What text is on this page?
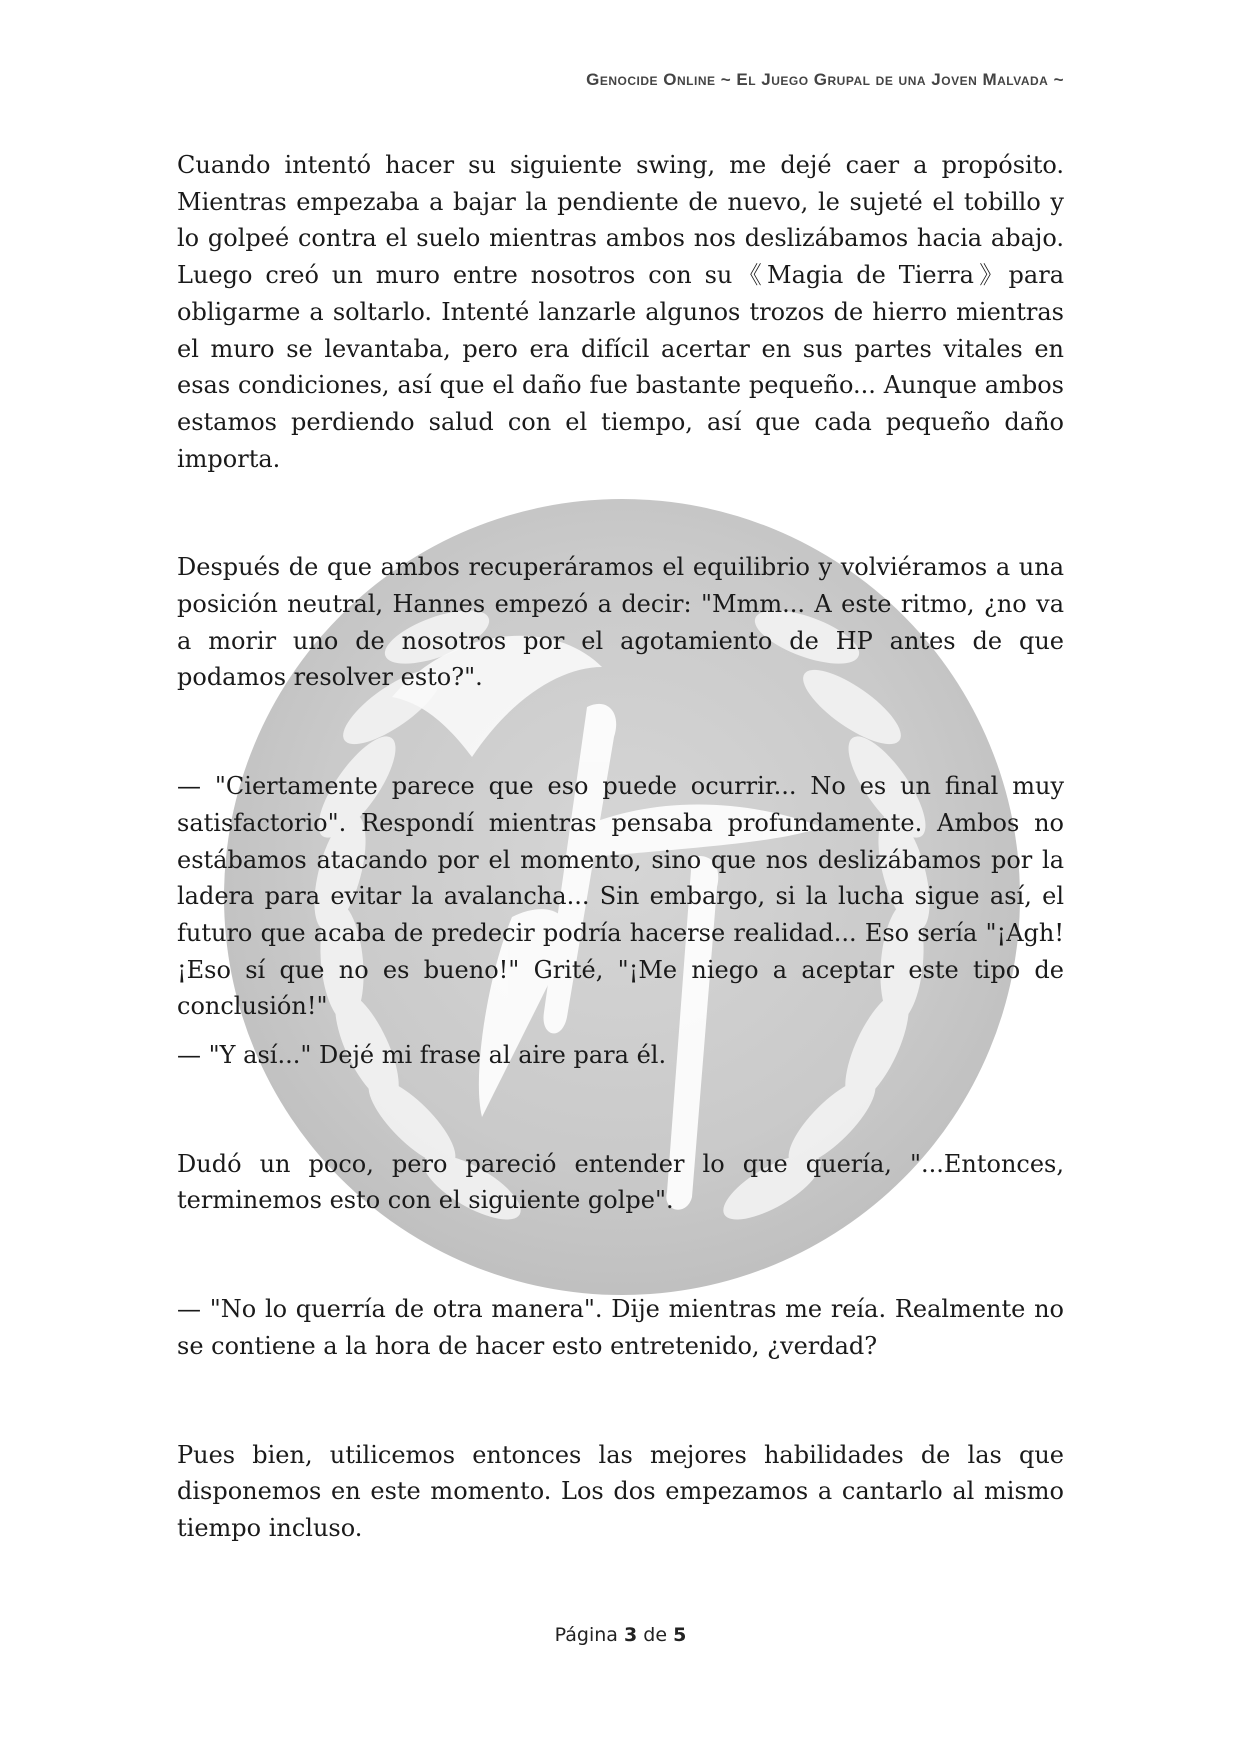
Genocide Online ~ El Juego Grupal de una Joven Malvada ~

Cuando intentó hacer su siguiente swing, me dejé caer a propósito. Mientras empezaba a bajar la pendiente de nuevo, le sujeté el tobillo y lo golpeé contra el suelo mientras ambos nos deslizábamos hacia abajo. Luego creó un muro entre nosotros con su《Magia de Tierra》para obligarme a soltarlo. Intenté lanzarle algunos trozos de hierro mientras el muro se levantaba, pero era difícil acertar en sus partes vitales en esas condiciones, así que el daño fue bastante pequeño... Aunque ambos estamos perdiendo salud con el tiempo, así que cada pequeño daño importa.

Después de que ambos recuperáramos el equilibrio y volviéramos a una posición neutral, Hannes empezó a decir: "Mmm... A este ritmo, ¿no va a morir uno de nosotros por el agotamiento de HP antes de que podamos resolver esto?".

— "Ciertamente parece que eso puede ocurrir... No es un final muy satisfactorio". Respondí mientras pensaba profundamente. Ambos no estábamos atacando por el momento, sino que nos deslizábamos por la ladera para evitar la avalancha... Sin embargo, si la lucha sigue así, el futuro que acaba de predecir podría hacerse realidad... Eso sería "¡Agh! ¡Eso sí que no es bueno!" Grité, "¡Me niego a aceptar este tipo de conclusión!"

— "Y así..." Dejé mi frase al aire para él.

Dudó un poco, pero pareció entender lo que quería, "...Entonces, terminemos esto con el siguiente golpe".

— "No lo querría de otra manera". Dije mientras me reía. Realmente no se contiene a la hora de hacer esto entretenido, ¿verdad?

Pues bien, utilicemos entonces las mejores habilidades de las que disponemos en este momento. Los dos empezamos a cantarlo al mismo tiempo incluso.

Página 3 de 5
